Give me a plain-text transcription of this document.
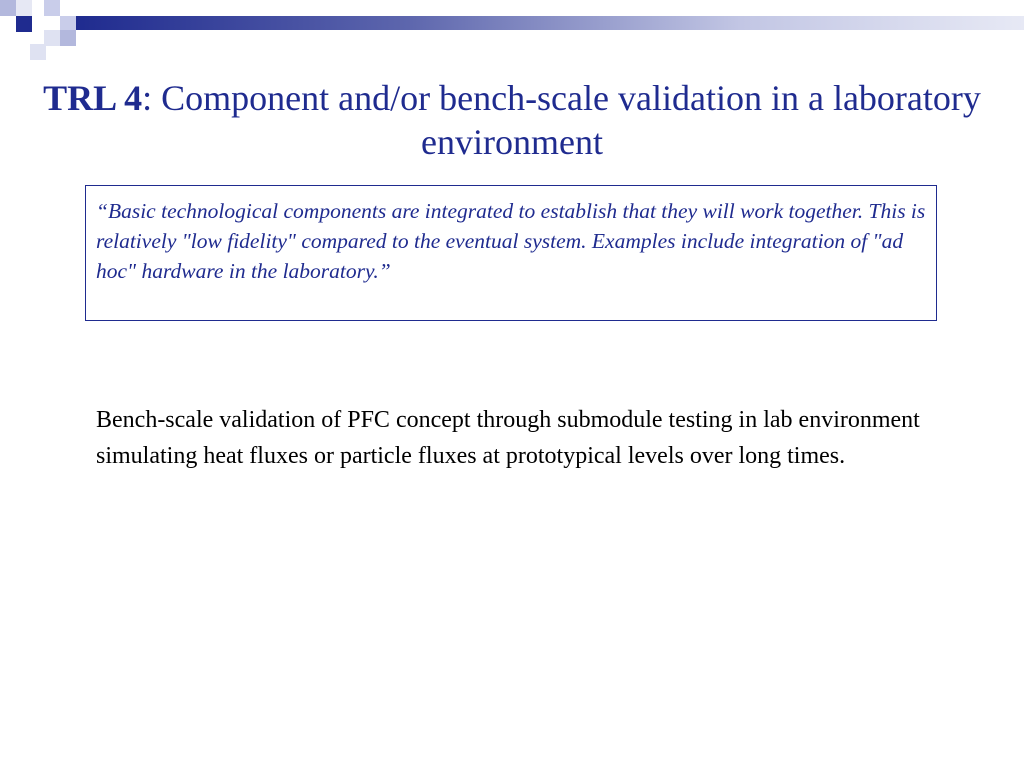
TRL 4: Component and/or bench-scale validation in a laboratory environment

“Basic technological components are integrated to establish that they will work together. This is relatively "low fidelity" compared to the eventual system. Examples include integration of "ad hoc" hardware in the laboratory.”

Bench-scale validation of PFC concept through submodule testing in lab environment simulating heat fluxes or particle fluxes at prototypical levels over long times.
